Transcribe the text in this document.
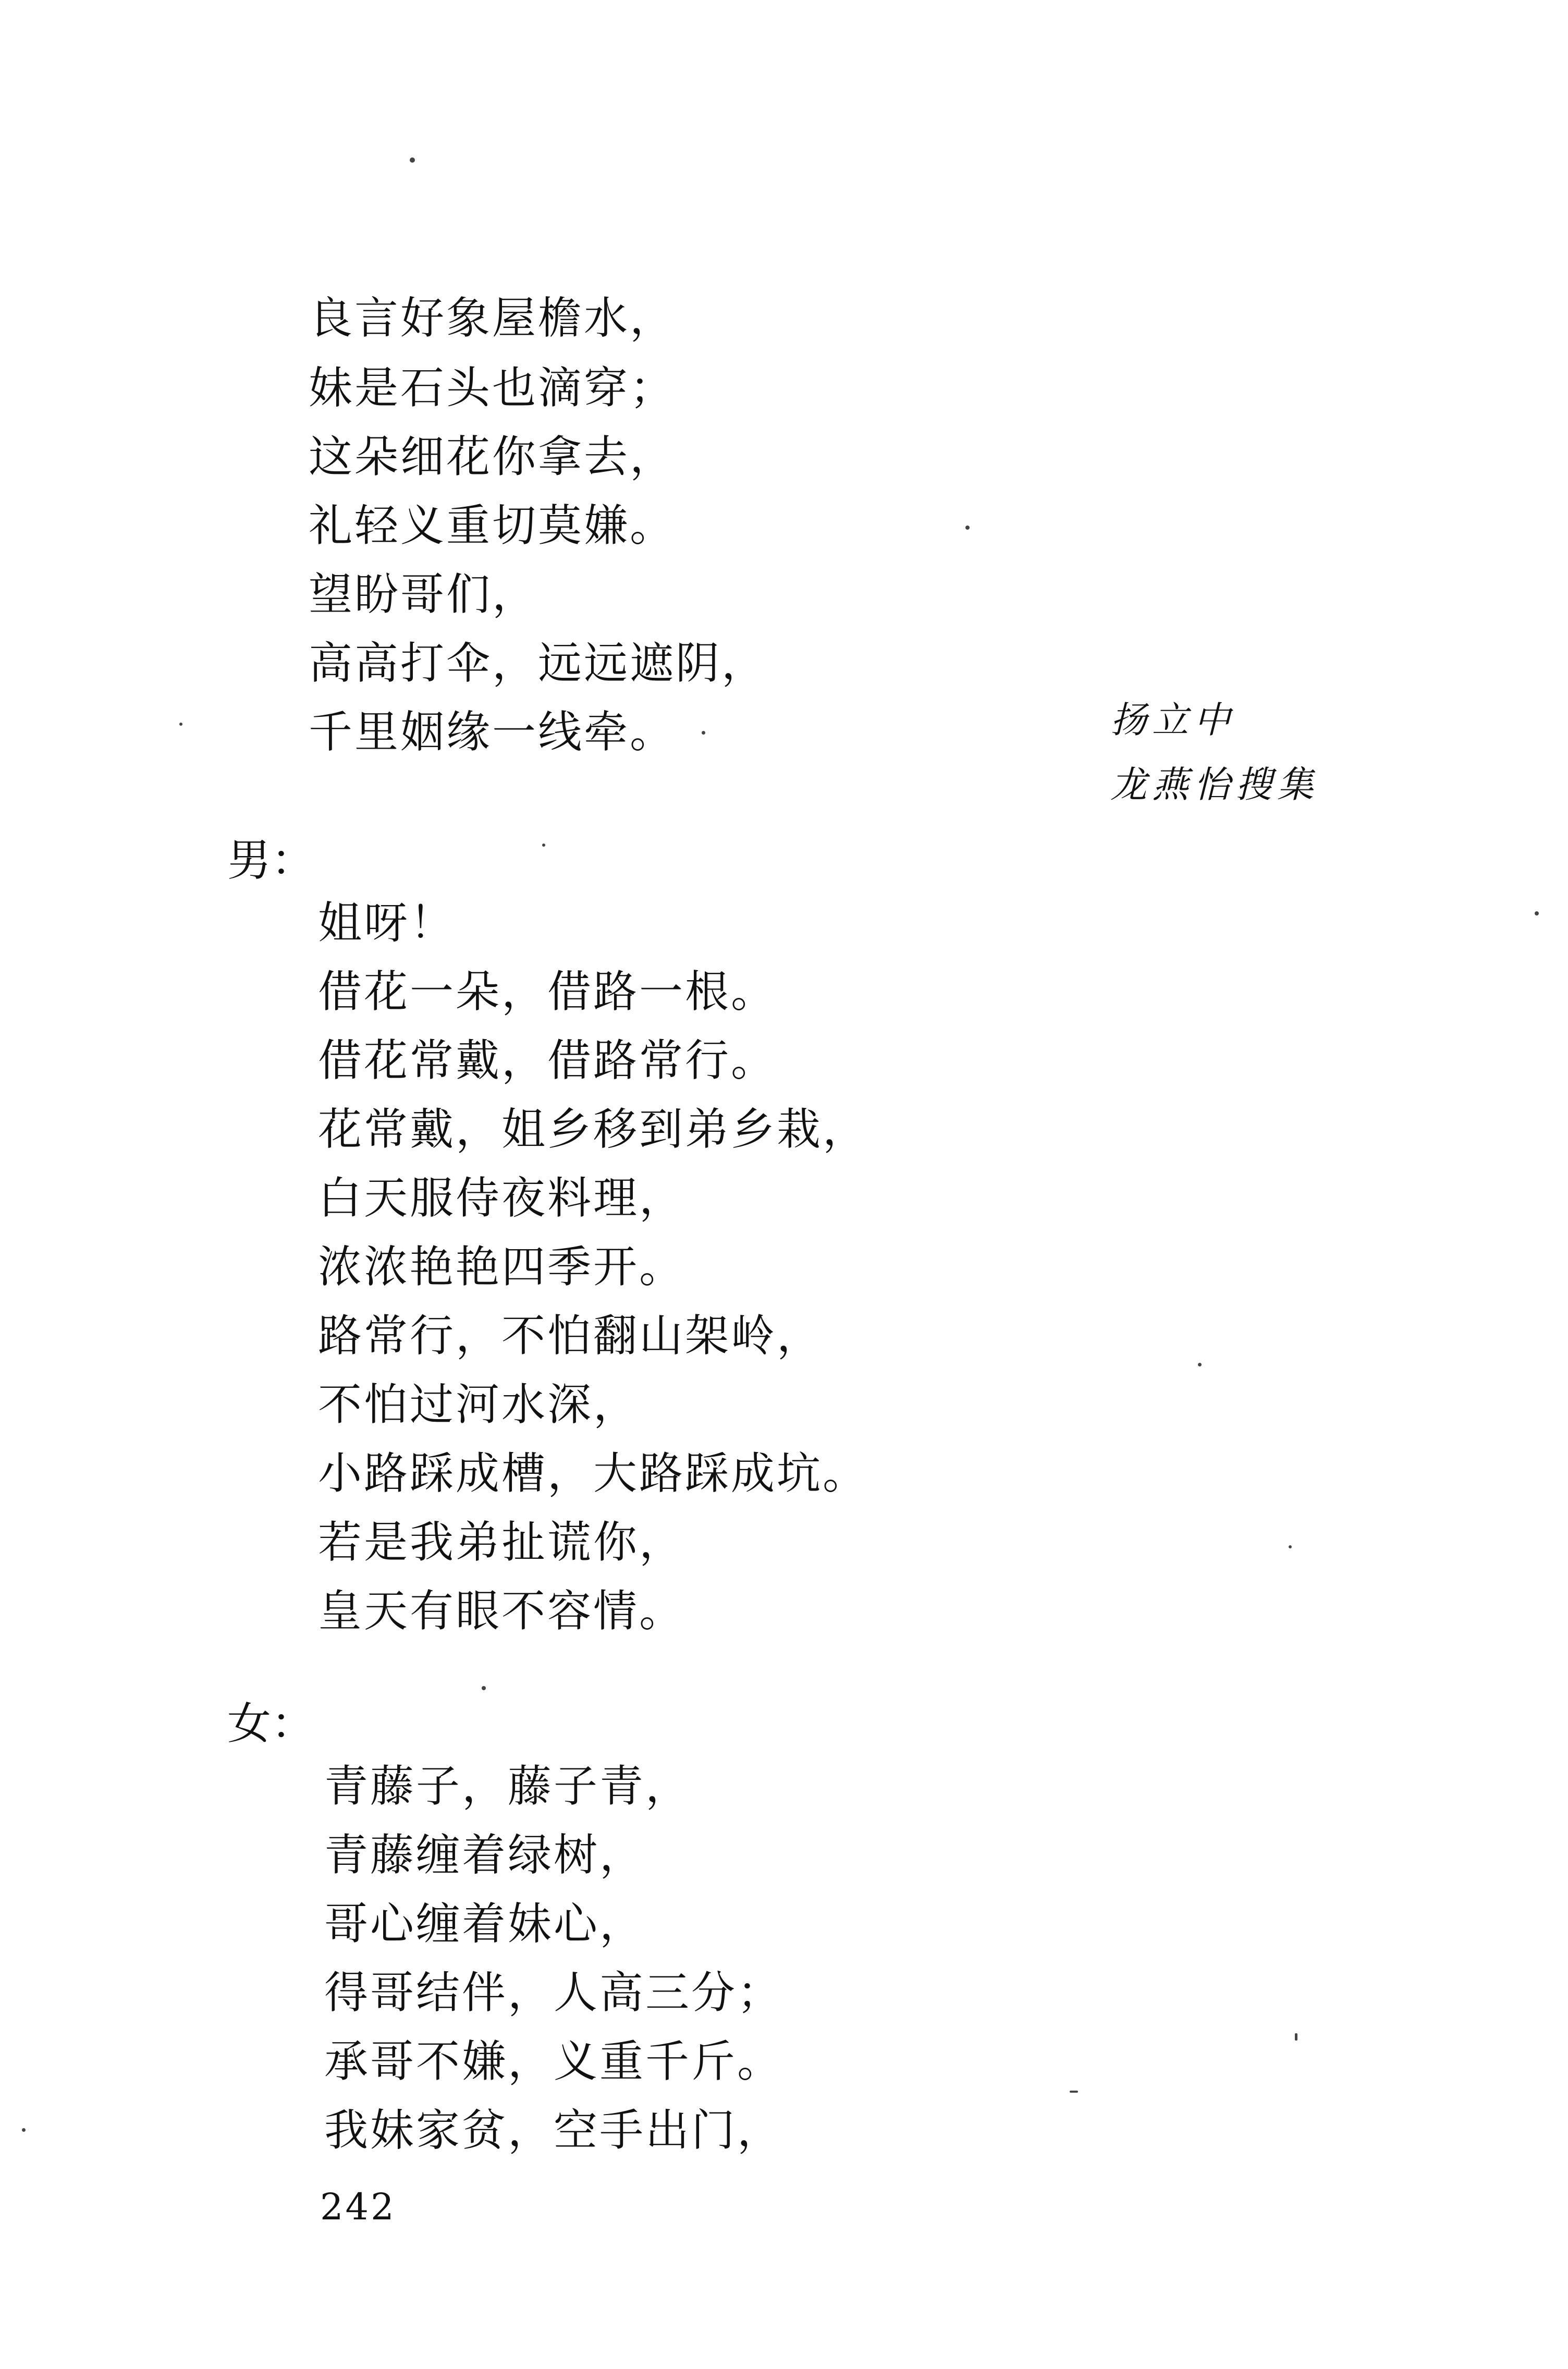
良言好象屋檐水，
妹是石头也滴穿；
这朵细花你拿去，
礼轻义重切莫嫌。
望盼哥们，
高高打伞，远远遮阴，
千里姻缘一线牵。	扬立中
龙燕怡搜集
男：
姐呀！
借花一朵，借路一根。
借花常戴，借路常行。
花常戴，姐乡移到弟乡栽，
白天服侍夜料理，
浓浓艳艳四季开。
路常行，不怕翻山架岭，
不怕过河水深，
小路踩成槽，大路踩成坑。
若是我弟扯谎你，
皇天有眼不容情。
女：
青藤子，藤子青，
青藤缠着绿树，
哥心缠着妹心，
得哥结伴，人高三分；
承哥不嫌，义重千斤。
我妹家贫，空手出门，
242
